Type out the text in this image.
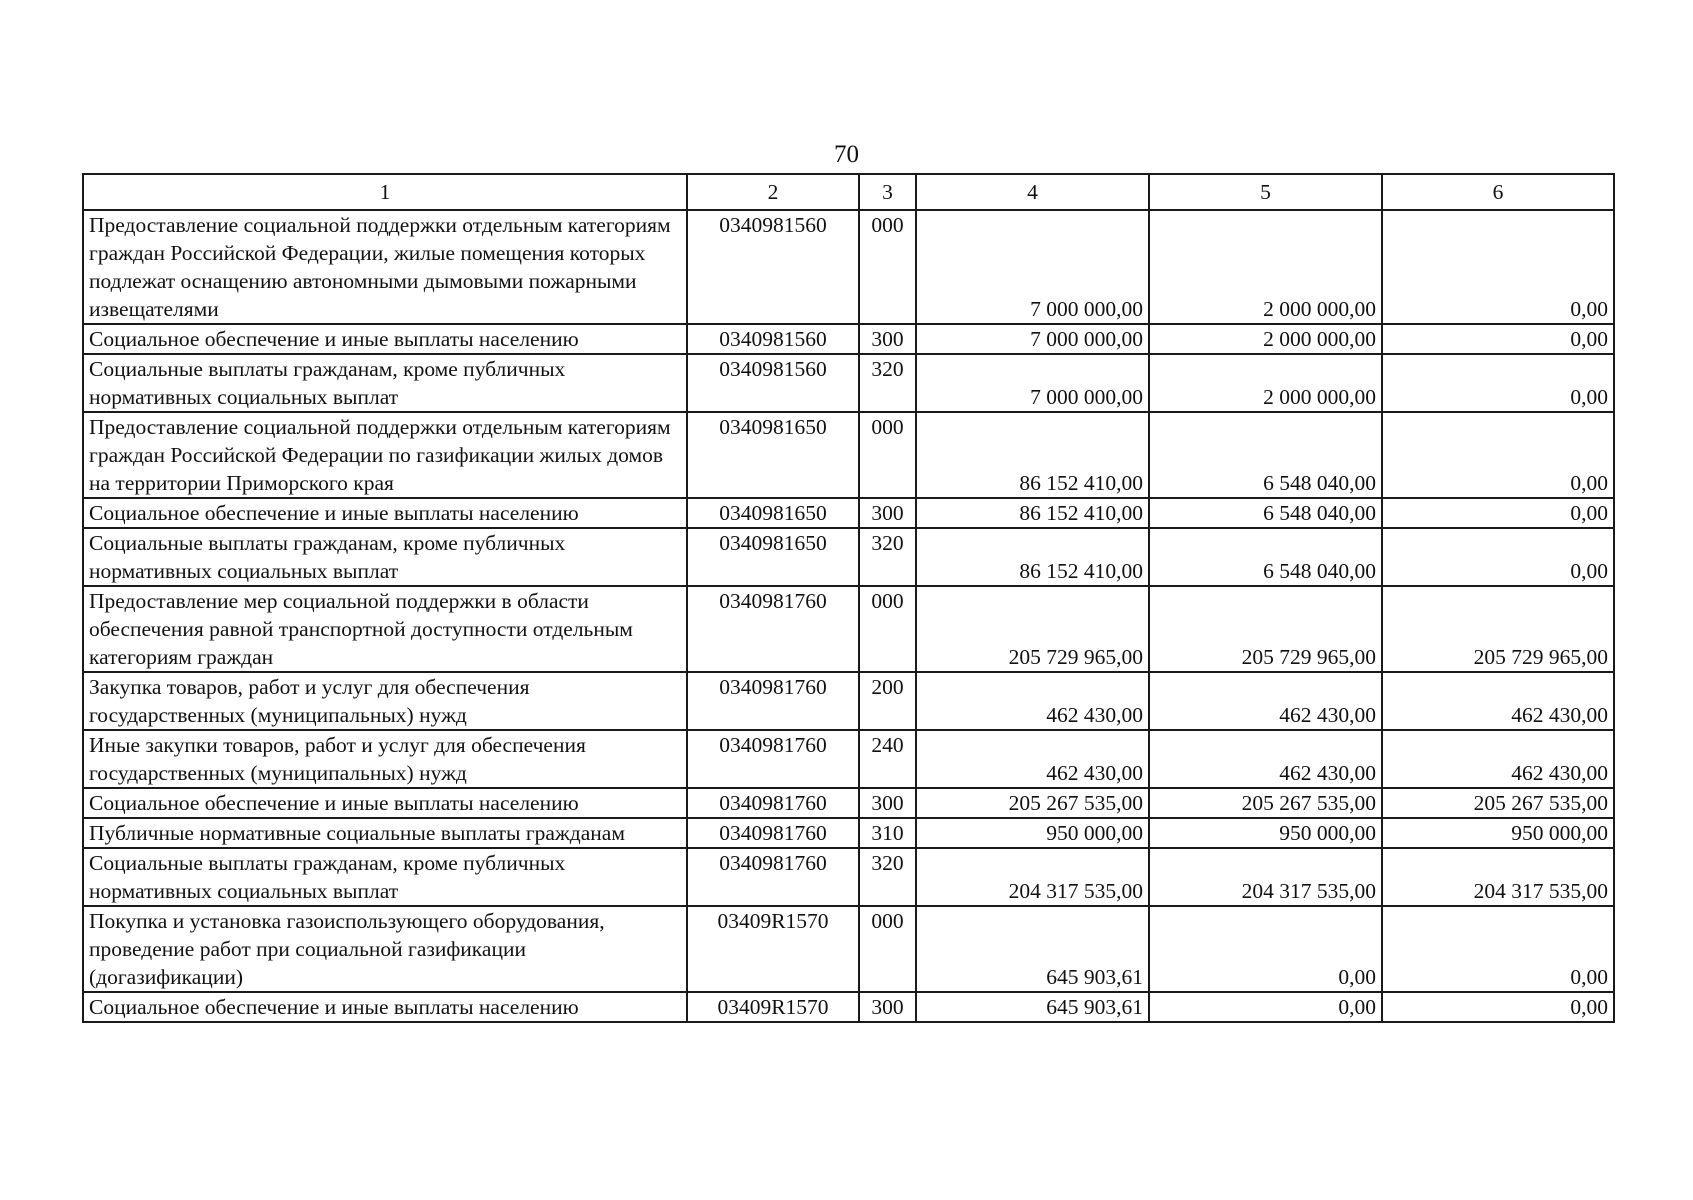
70
1	2	3	4	5	6
Предоставление социальной поддержки отдельным категориям граждан Российской Федерации, жилые помещения которых подлежат оснащению автономными дымовыми пожарными извещателями	0340981560	000	7 000 000,00	2 000 000,00	0,00
Социальное обеспечение и иные выплаты населению	0340981560	300	7 000 000,00	2 000 000,00	0,00
Социальные выплаты гражданам, кроме публичных нормативных социальных выплат	0340981560	320	7 000 000,00	2 000 000,00	0,00
Предоставление социальной поддержки отдельным категориям граждан Российской Федерации по газификации жилых домов на территории Приморского края	0340981650	000	86 152 410,00	6 548 040,00	0,00
Социальное обеспечение и иные выплаты населению	0340981650	300	86 152 410,00	6 548 040,00	0,00
Социальные выплаты гражданам, кроме публичных нормативных социальных выплат	0340981650	320	86 152 410,00	6 548 040,00	0,00
Предоставление мер социальной поддержки в области обеспечения равной транспортной доступности отдельным категориям граждан	0340981760	000	205 729 965,00	205 729 965,00	205 729 965,00
Закупка товаров, работ и услуг для обеспечения государственных (муниципальных) нужд	0340981760	200	462 430,00	462 430,00	462 430,00
Иные закупки товаров, работ и услуг для обеспечения государственных (муниципальных) нужд	0340981760	240	462 430,00	462 430,00	462 430,00
Социальное обеспечение и иные выплаты населению	0340981760	300	205 267 535,00	205 267 535,00	205 267 535,00
Публичные нормативные социальные выплаты гражданам	0340981760	310	950 000,00	950 000,00	950 000,00
Социальные выплаты гражданам, кроме публичных нормативных социальных выплат	0340981760	320	204 317 535,00	204 317 535,00	204 317 535,00
Покупка и установка газоиспользующего оборудования, проведение работ при социальной газификации (догазификации)	03409R1570	000	645 903,61	0,00	0,00
Социальное обеспечение и иные выплаты населению	03409R1570	300	645 903,61	0,00	0,00
